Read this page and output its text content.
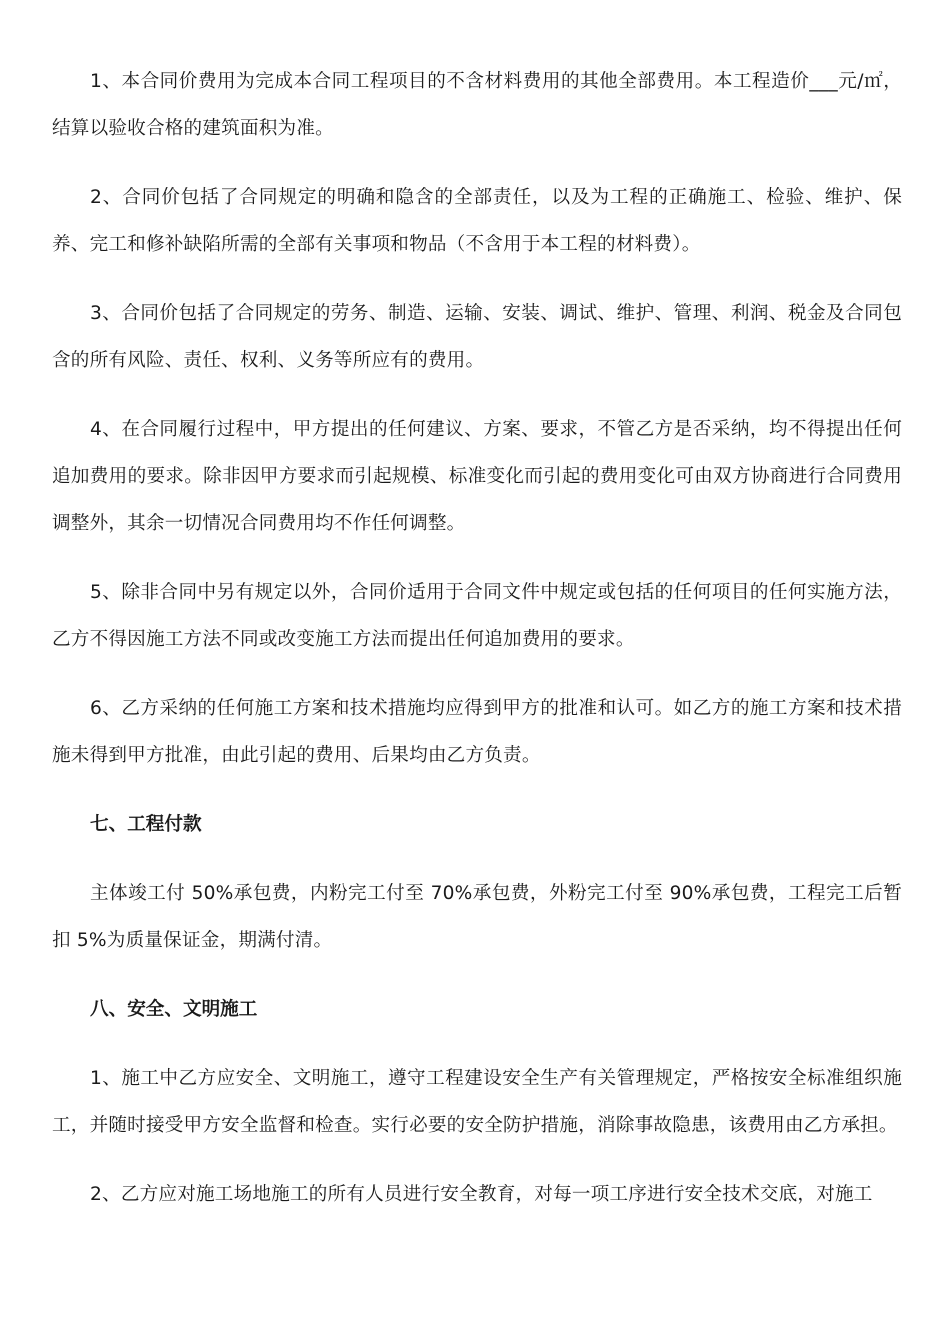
1、本合同价费用为完成本合同工程项目的不含材料费用的其他全部费用。本工程造价___元/㎡，结算以验收合格的建筑面积为准。

2、合同价包括了合同规定的明确和隐含的全部责任，以及为工程的正确施工、检验、维护、保养、完工和修补缺陷所需的全部有关事项和物品（不含用于本工程的材料费）。

3、合同价包括了合同规定的劳务、制造、运输、安装、调试、维护、管理、利润、税金及合同包含的所有风险、责任、权利、义务等所应有的费用。

4、在合同履行过程中，甲方提出的任何建议、方案、要求，不管乙方是否采纳，均不得提出任何追加费用的要求。除非因甲方要求而引起规模、标准变化而引起的费用变化可由双方协商进行合同费用调整外，其余一切情况合同费用均不作任何调整。

5、除非合同中另有规定以外，合同价适用于合同文件中规定或包括的任何项目的任何实施方法，乙方不得因施工方法不同或改变施工方法而提出任何追加费用的要求。

6、乙方采纳的任何施工方案和技术措施均应得到甲方的批准和认可。如乙方的施工方案和技术措施未得到甲方批准，由此引起的费用、后果均由乙方负责。

七、工程付款

主体竣工付 50%承包费，内粉完工付至 70%承包费，外粉完工付至 90%承包费，工程完工后暂扣 5%为质量保证金，期满付清。

八、安全、文明施工

1、施工中乙方应安全、文明施工，遵守工程建设安全生产有关管理规定，严格按安全标准组织施工，并随时接受甲方安全监督和检查。实行必要的安全防护措施，消除事故隐患，该费用由乙方承担。

2、乙方应对施工场地施工的所有人员进行安全教育，对每一项工序进行安全技术交底，对施工
